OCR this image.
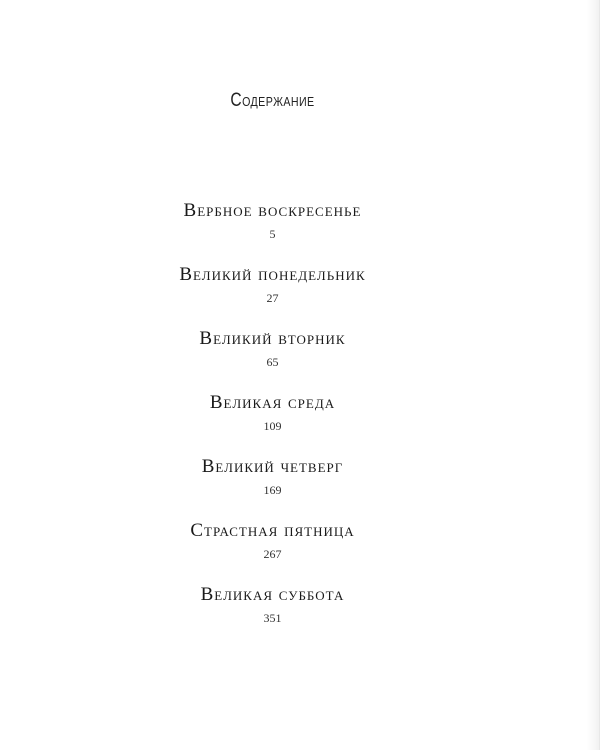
Содержание
Вербное воскресенье
5
Великий понедельник
27
Великий вторник
65
Великая среда
109
Великий четверг
169
Страстная пятница
267
Великая суббота
351
